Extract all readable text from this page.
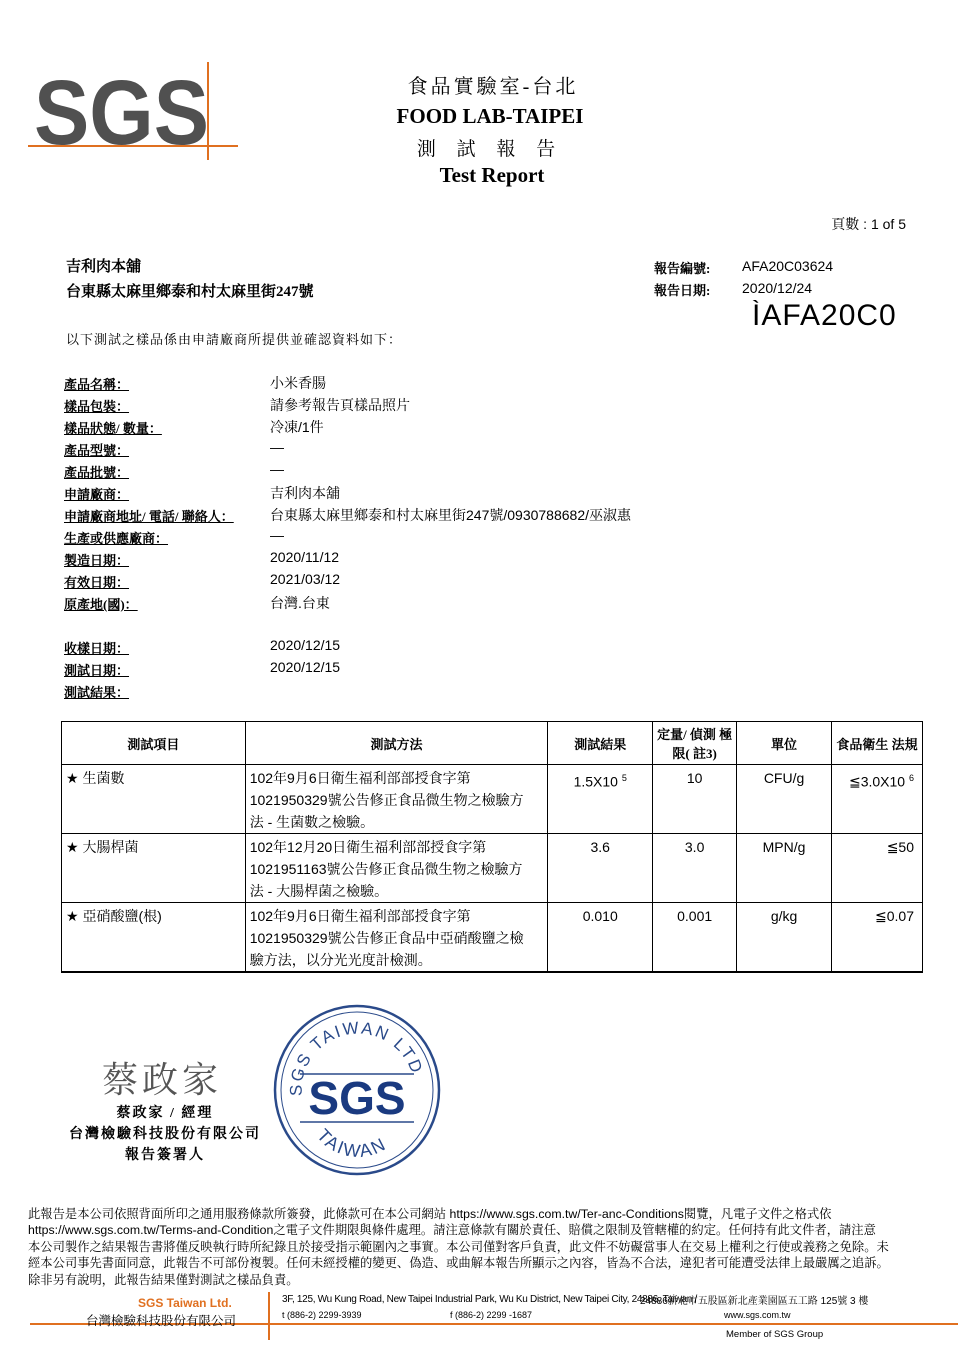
SGS	食品實驗室-台北
FOOD LAB-TAIPEI
測 試 報 告
Test Report
頁數 : 1 of 5
吉利肉本舖
台東縣太麻里鄉泰和村太麻里街247號
報告編號: AFA20C03624
報告日期: 2020/12/24
ÌAFA20C0
以下測試之樣品係由申請廠商所提供並確認資料如下：
產品名稱：	小米香腸
樣品包裝：	請參考報告頁樣品照片
樣品狀態/ 數量：	冷凍/1件
產品型號：	—
產品批號：	—
申請廠商：	吉利肉本舖
申請廠商地址/ 電話/ 聯絡人：	台東縣太麻里鄉泰和村太麻里街247號/0930788682/巫淑惠
生產或供應廠商：	—
製造日期：	2020/11/12
有效日期：	2021/03/12
原產地(國)：	台灣.台東
收樣日期：	2020/12/15
測試日期：	2020/12/15
測試結果：
測試項目	測試方法	測試結果	定量/ 偵測 極限( 註3)	單位	食品衛生 法規
★ 生菌數	102年9月6日衛生福利部部授食字第
1021950329號公告修正食品微生物之檢驗方
法 - 生菌數之檢驗。	1.5X10 $^5$	10	CFU/g	≦3.0X10 $^6$
★ 大腸桿菌	102年12月20日衛生福利部部授食字第
1021951163號公告修正食品微生物之檢驗方
法 - 大腸桿菌之檢驗。	3.6	3.0	MPN/g	≦50
★ 亞硝酸鹽(根)	102年9月6日衛生福利部部授食字第
1021950329號公告修正食品中亞硝酸鹽之檢
驗方法，以分光光度計檢測。	0.010	0.001	g/kg	≦0.07
蔡政家
蔡政家 / 經理
台灣檢驗科技股份有限公司
報告簽署人
SGS TAIWAN LTD
SGS
TAIWAN
此報告是本公司依照背面所印之通用服務條款所簽發，此條款可在本公司網站 https://www.sgs.com.tw/Ter-anc-Conditions閱覽，凡電子文件之格式依
https://www.sgs.com.tw/Terms-and-Condition之電子文件期限與條件處理。請注意條款有關於責任、賠償之限制及管轄權的約定。任何持有此文件者，請注意
本公司製作之結果報告書將僅反映執行時所紀錄且於接受指示範圍內之事實。本公司僅對客戶負責，此文件不妨礙當事人在交易上權利之行使或義務之免除。未
經本公司事先書面同意，此報告不可部份複製。任何未經授權的變更、偽造、或曲解本報告所顯示之內容，皆為不合法，違犯者可能遭受法律上最嚴厲之追訴。
除非另有說明，此報告結果僅對測試之樣品負責。
SGS Taiwan Ltd.
台灣檢驗科技股份有限公司
3F, 125, Wu Kung Road, New Taipei Industrial Park, Wu Ku District, New Taipei City, 24886, Taiwan /
24886新北市五股區新北產業園區五工路 125號 3 樓
t (886-2) 2299-3939	f (886-2) 2299 -1687	www.sgs.com.tw
Member of SGS Group
